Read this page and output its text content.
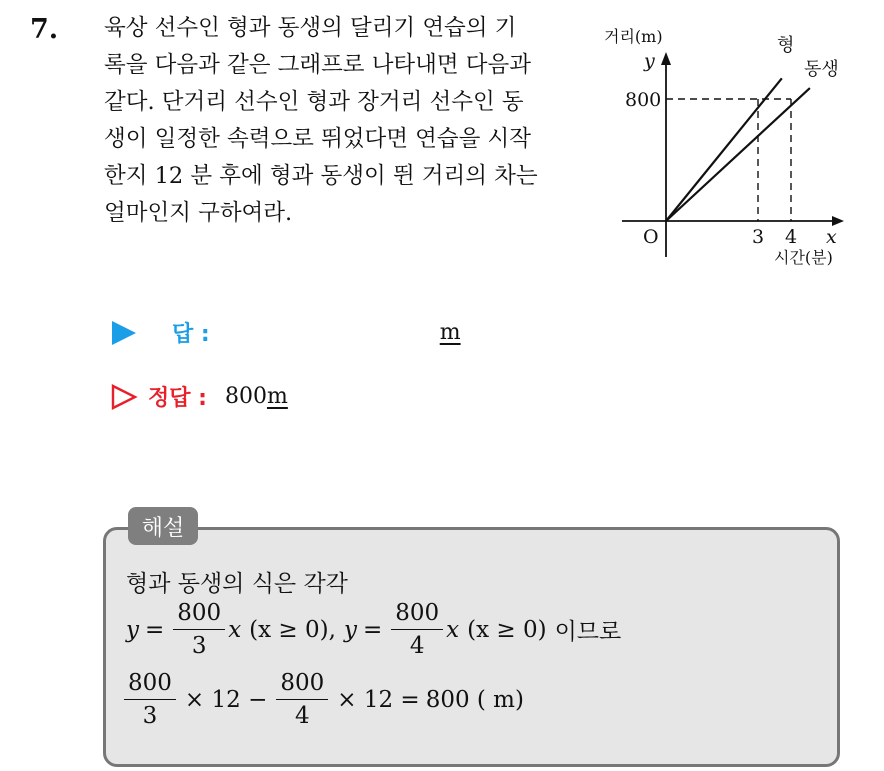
7. 육상 선수인 형과 동생의 달리기 연습의 기
록을 다음과 같은 그래프로 나타내면 다음과
같다. 단거리 선수인 형과 장거리 선수인 동
생이 일정한 속력으로 뛰었다면 연습을 시작
한지 12 분 후에 형과 동생이 뛴 거리의 차는
얼마인지 구하여라.
거리(m)
y
800
O	3 4 x
시간(분)
형
동생
답 :	m
정답 : 800 m
해설
형과 동생의 식은 각각
$y = \frac{800}{3}$ x (x ≥ 0), $y = \frac{800}{4}$ x (x ≥ 0) 이므로
$\frac{800}{3} \times 12 - \frac{800}{4} \times 12 = 800$ ( m)
